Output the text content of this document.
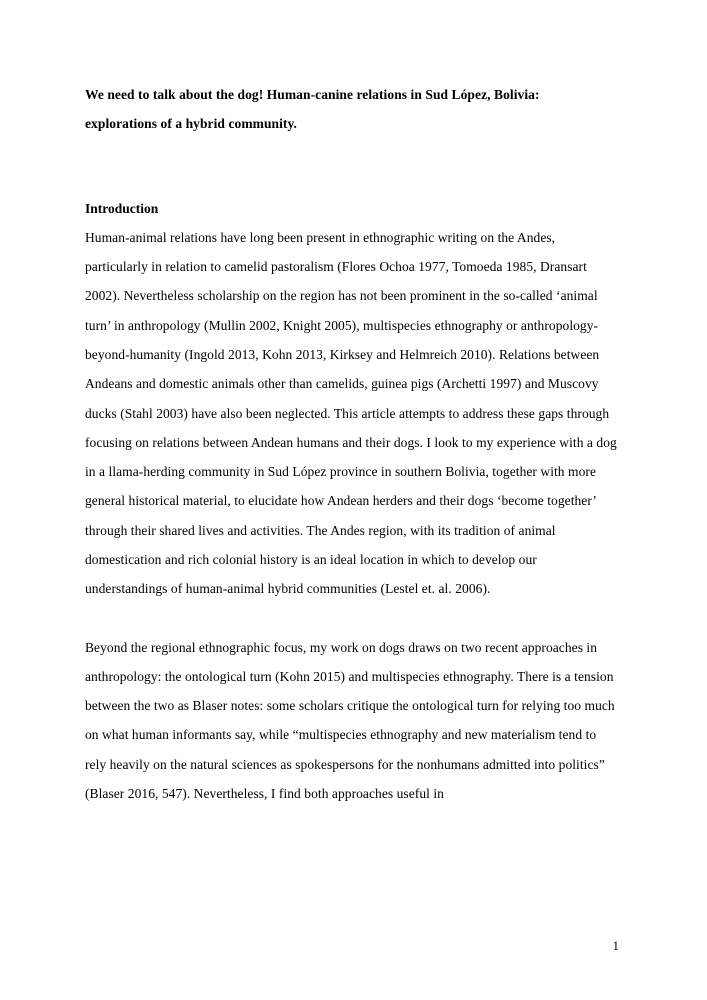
We need to talk about the dog! Human-canine relations in Sud López, Bolivia:
explorations of a hybrid community.
Introduction

Human-animal relations have long been present in ethnographic writing on the Andes, particularly in relation to camelid pastoralism (Flores Ochoa 1977, Tomoeda 1985, Dransart 2002). Nevertheless scholarship on the region has not been prominent in the so-called ‘animal turn’ in anthropology (Mullin 2002, Knight 2005), multispecies ethnography or anthropology-beyond-humanity (Ingold 2013, Kohn 2013, Kirksey and Helmreich 2010). Relations between Andeans and domestic animals other than camelids, guinea pigs (Archetti 1997) and Muscovy ducks (Stahl 2003) have also been neglected. This article attempts to address these gaps through focusing on relations between Andean humans and their dogs. I look to my experience with a dog in a llama-herding community in Sud López province in southern Bolivia, together with more general historical material, to elucidate how Andean herders and their dogs ‘become together’ through their shared lives and activities. The Andes region, with its tradition of animal domestication and rich colonial history is an ideal location in which to develop our understandings of human-animal hybrid communities (Lestel et. al. 2006).

Beyond the regional ethnographic focus, my work on dogs draws on two recent approaches in anthropology: the ontological turn (Kohn 2015) and multispecies ethnography. There is a tension between the two as Blaser notes: some scholars critique the ontological turn for relying too much on what human informants say, while “multispecies ethnography and new materialism tend to rely heavily on the natural sciences as spokespersons for the nonhumans admitted into politics” (Blaser 2016, 547). Nevertheless, I find both approaches useful in

1
